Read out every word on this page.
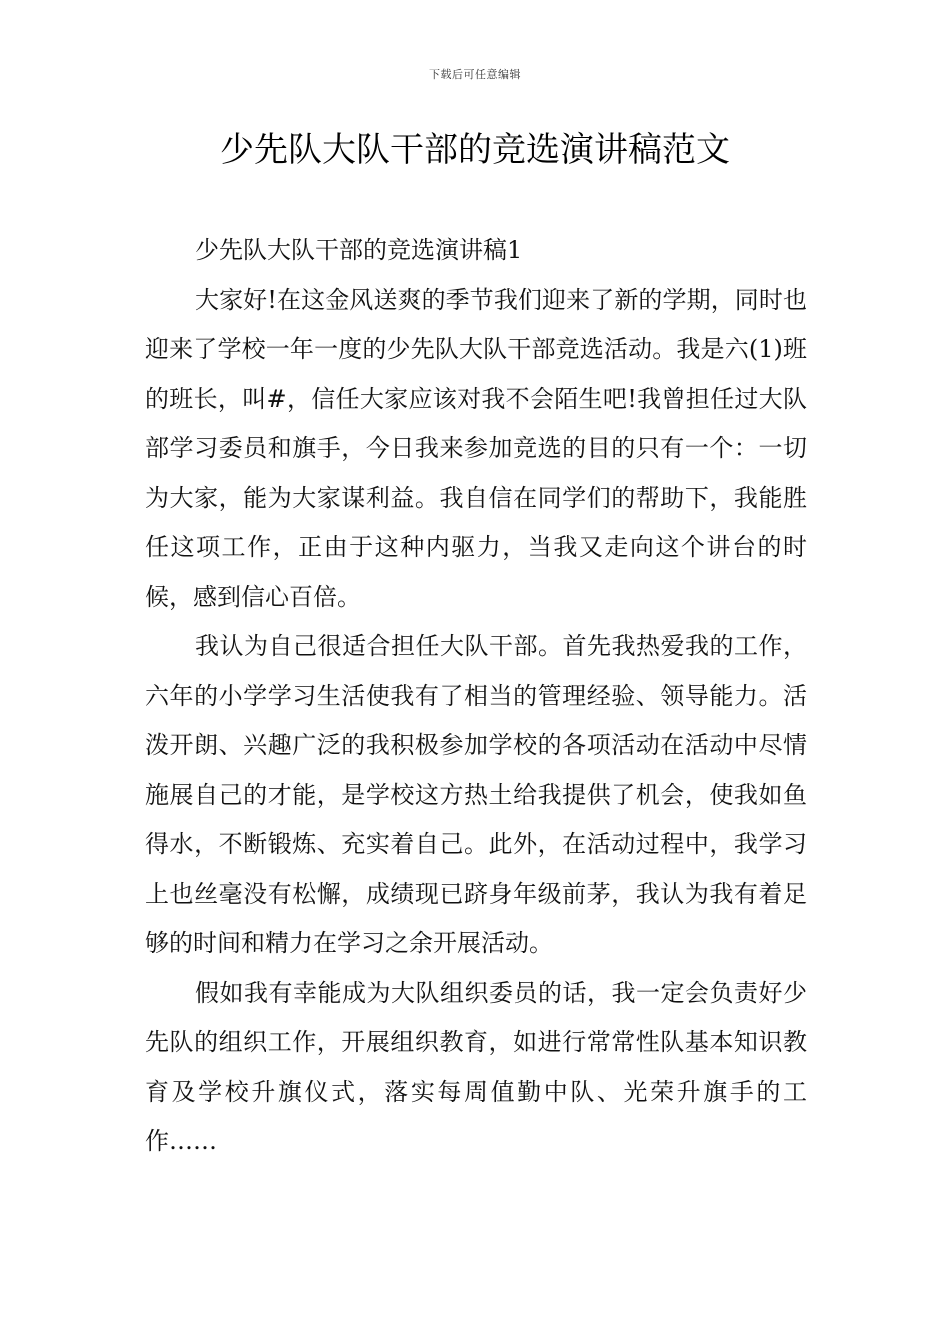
下载后可任意编辑
少先队大队干部的竞选演讲稿范文

少先队大队干部的竞选演讲稿1

大家好!在这金风送爽的季节我们迎来了新的学期，同时也迎来了学校一年一度的少先队大队干部竞选活动。我是六(1)班的班长，叫#，信任大家应该对我不会陌生吧!我曾担任过大队部学习委员和旗手，今日我来参加竞选的目的只有一个：一切为大家，能为大家谋利益。我自信在同学们的帮助下，我能胜任这项工作，正由于这种内驱力，当我又走向这个讲台的时候，感到信心百倍。

我认为自己很适合担任大队干部。首先我热爱我的工作，六年的小学学习生活使我有了相当的管理经验、领导能力。活泼开朗、兴趣广泛的我积极参加学校的各项活动在活动中尽情施展自己的才能，是学校这方热土给我提供了机会，使我如鱼得水，不断锻炼、充实着自己。此外，在活动过程中，我学习上也丝毫没有松懈，成绩现已跻身年级前茅，我认为我有着足够的时间和精力在学习之余开展活动。

假如我有幸能成为大队组织委员的话，我一定会负责好少先队的组织工作，开展组织教育，如进行常常性队基本知识教育及学校升旗仪式，落实每周值勤中队、光荣升旗手的工作……
